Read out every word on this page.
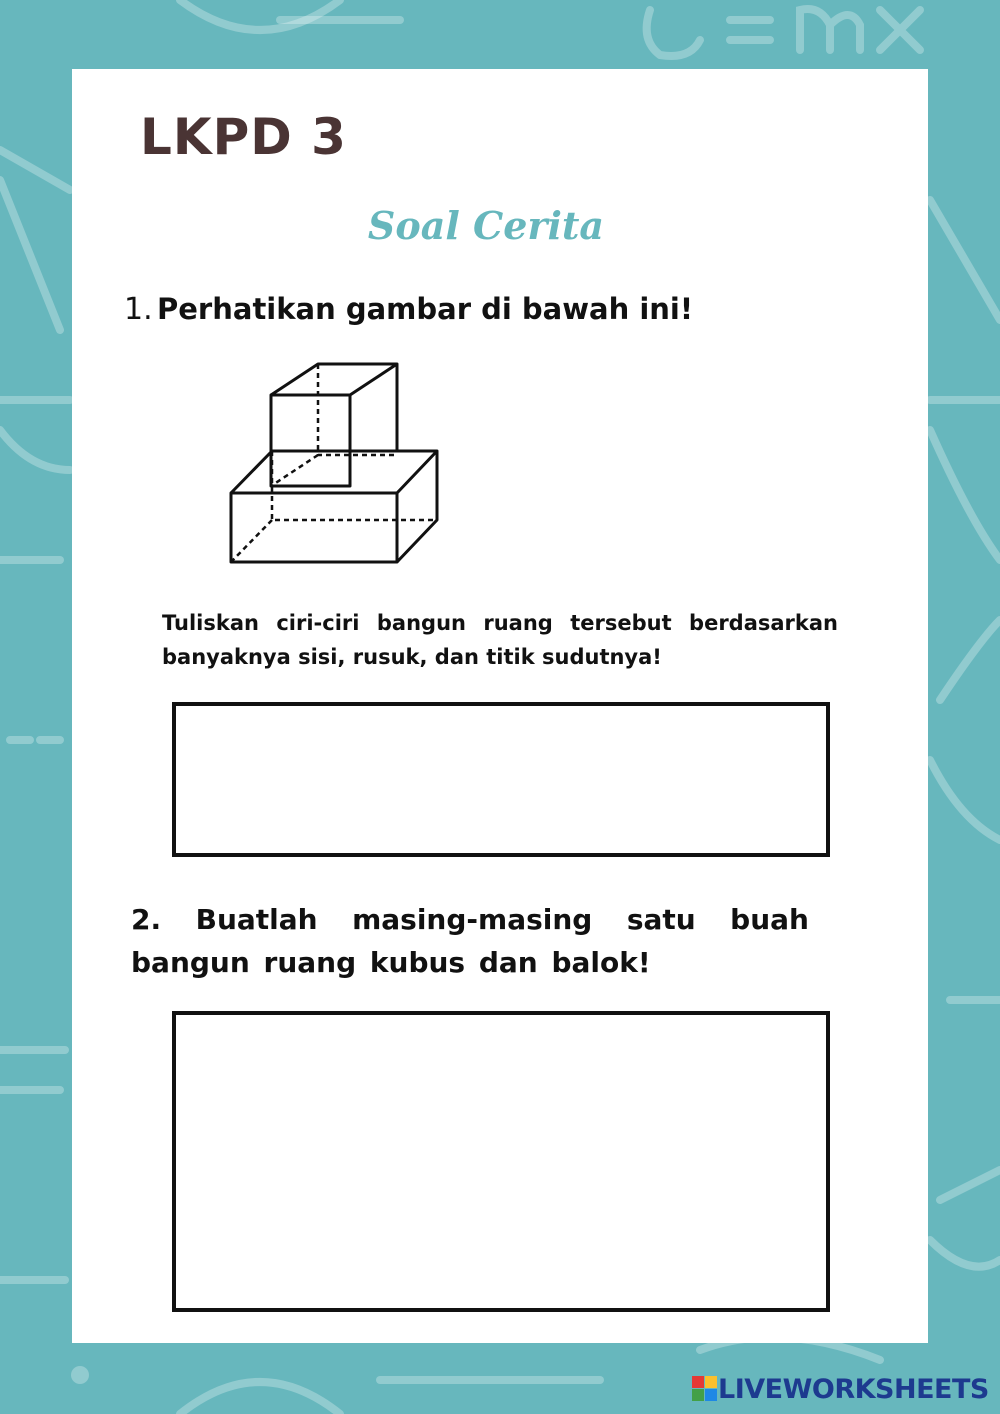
LKPD 3
Soal Cerita
1. Perhatikan gambar di bawah ini!
Tuliskan ciri-ciri bangun ruang tersebut berdasarkan banyaknya sisi, rusuk, dan titik sudutnya!
2. Buatlah masing-masing satu buah bangun ruang kubus dan balok!
LIVEWORKSHEETS
